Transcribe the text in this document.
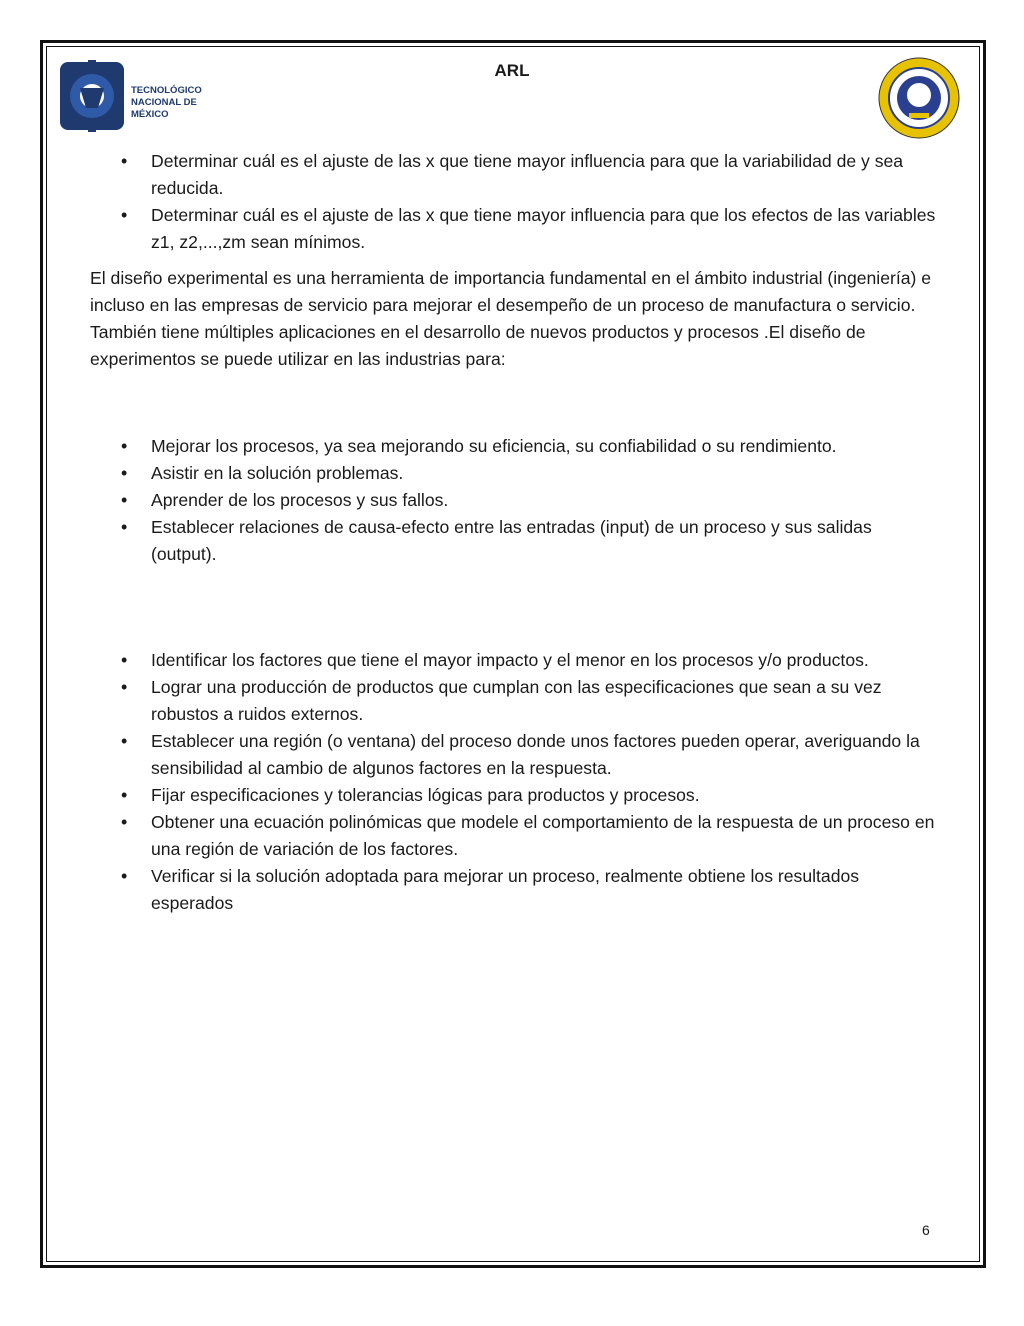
TECNOLÓGICO
NACIONAL DE MÉXICO
ARL
• Determinar cuál es el ajuste de las x que tiene mayor influencia para que la variabilidad de y sea reducida.
• Determinar cuál es el ajuste de las x que tiene mayor influencia para que los efectos de las variables z1, z2,...,zm sean mínimos.

El diseño experimental es una herramienta de importancia fundamental en el ámbito industrial (ingeniería) e incluso en las empresas de servicio para mejorar el desempeño de un proceso de manufactura o servicio. También tiene múltiples aplicaciones en el desarrollo de nuevos productos y procesos .El diseño de experimentos se puede utilizar en las industrias para:

• Mejorar los procesos, ya sea mejorando su eficiencia, su confiabilidad o su rendimiento.
• Asistir en la solución problemas.
• Aprender de los procesos y sus fallos.
• Establecer relaciones de causa-efecto entre las entradas (input) de un proceso y sus salidas (output).
• Identificar los factores que tiene el mayor impacto y el menor en los procesos y/o productos.
• Lograr una producción de productos que cumplan con las especificaciones que sean a su vez robustos a ruidos externos.
• Establecer una región (o ventana) del proceso donde unos factores pueden operar, averiguando la sensibilidad al cambio de algunos factores en la respuesta.
• Fijar especificaciones y tolerancias lógicas para productos y procesos.
• Obtener una ecuación polinómicas que modele el comportamiento de la respuesta de un proceso en una región de variación de los factores.
• Verificar si la solución adoptada para mejorar un proceso, realmente obtiene los resultados esperados
6
